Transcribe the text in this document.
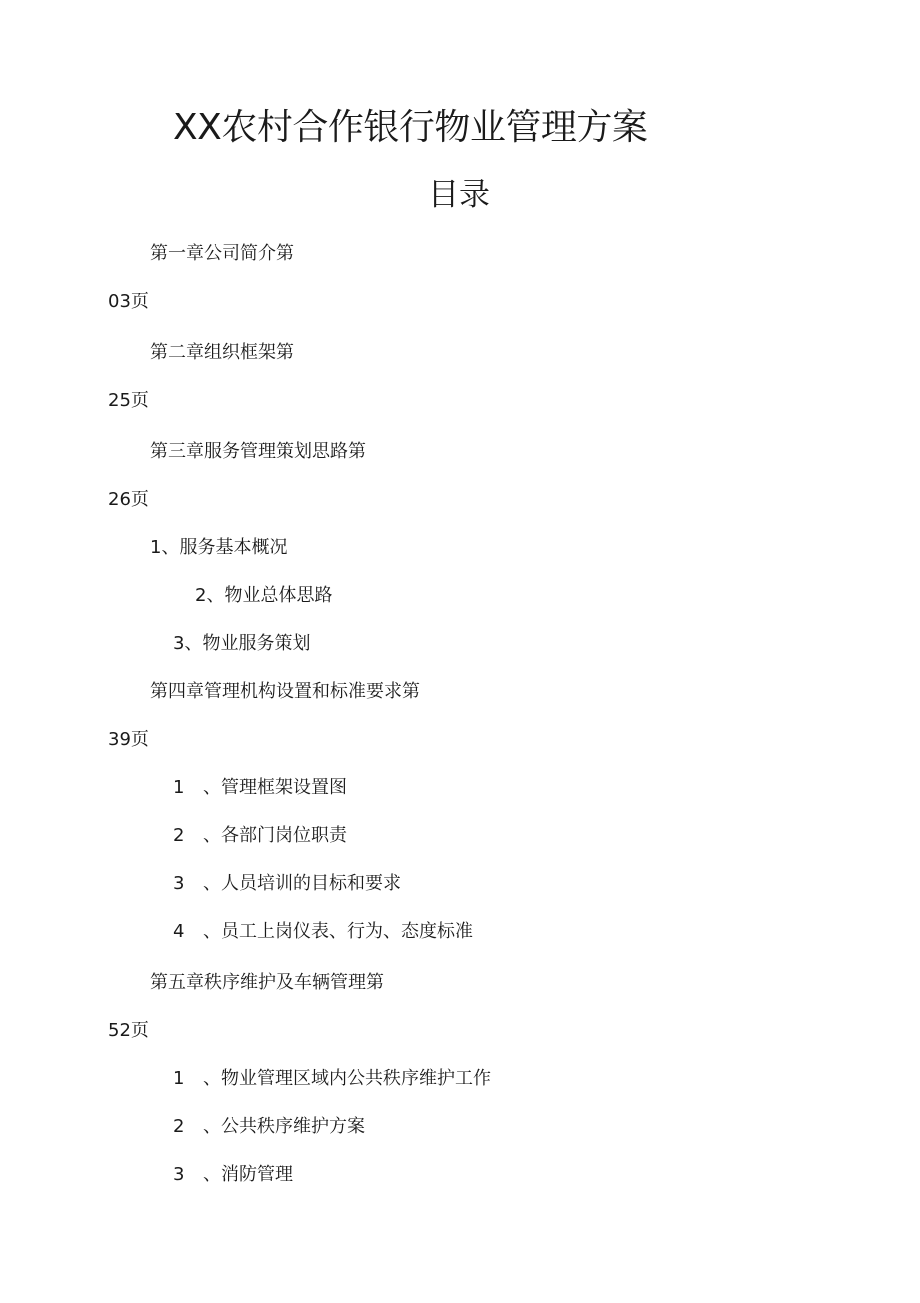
XX农村合作银行物业管理方案
目录
第一章公司简介第
03页
第二章组织框架第
25页
第三章服务管理策划思路第
26页
1、服务基本概况
2、物业总体思路
3、物业服务策划
第四章管理机构设置和标准要求第
39页
1 、管理框架设置图
2 、各部门岗位职责
3 、人员培训的目标和要求
4 、员工上岗仪表、行为、态度标准
第五章秩序维护及车辆管理第
52页
1 、物业管理区域内公共秩序维护工作
2 、公共秩序维护方案
3 、消防管理
